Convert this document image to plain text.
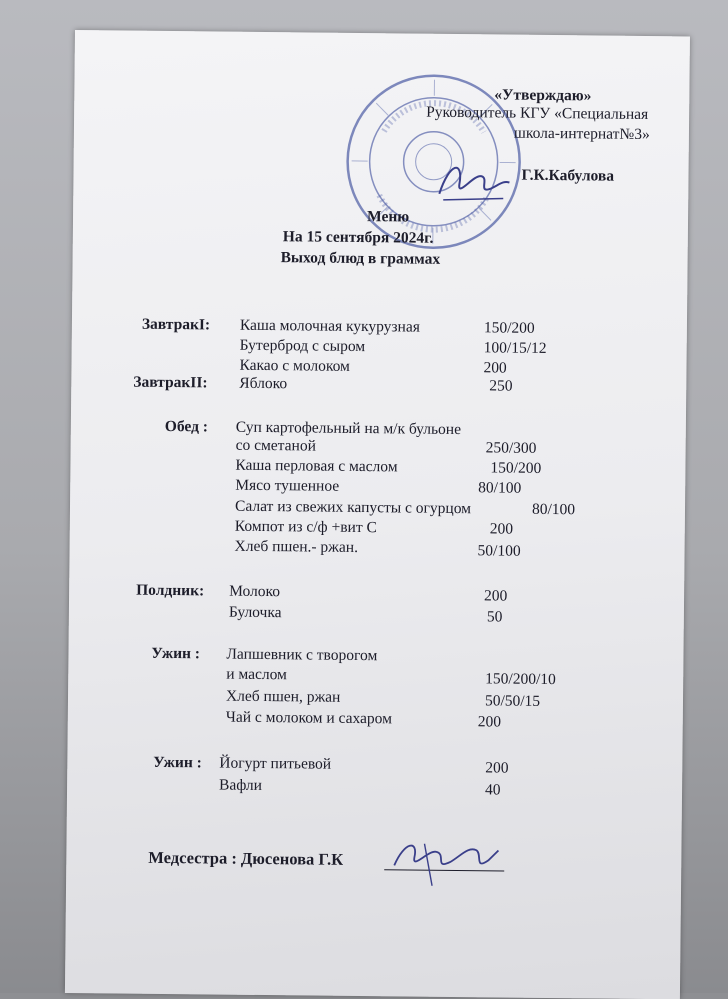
«Утверждаю»
Руководитель КГУ «Специальная
школа-интернат№3»
Г.К.Кабулова
Меню
На 15 сентября 2024г.
Выход блюд в граммах
ЗавтракI: Каша молочная кукурузная	150/200
Бутерброд с сыром	100/15/12
Какао с молоком	200
ЗавтракII: Яблоко	250
Обед : Суп картофельный на м/к бульоне
со сметаной	250/300
Каша перловая с маслом	150/200
Мясо тушенное	80/100
Салат из свежих капусты с огурцом	80/100
Компот из с/ф +вит С	200
Хлеб пшен.- ржан.	50/100
Полдник: Молоко	200
Булочка	50
Ужин : Лапшевник с творогом
и маслом	150/200/10
Хлеб пшен, ржан	50/50/15
Чай с молоком и сахаром	200
Ужин : Йогурт питьевой	200
Вафли	40
Медсестра : Дюсенова Г.К
